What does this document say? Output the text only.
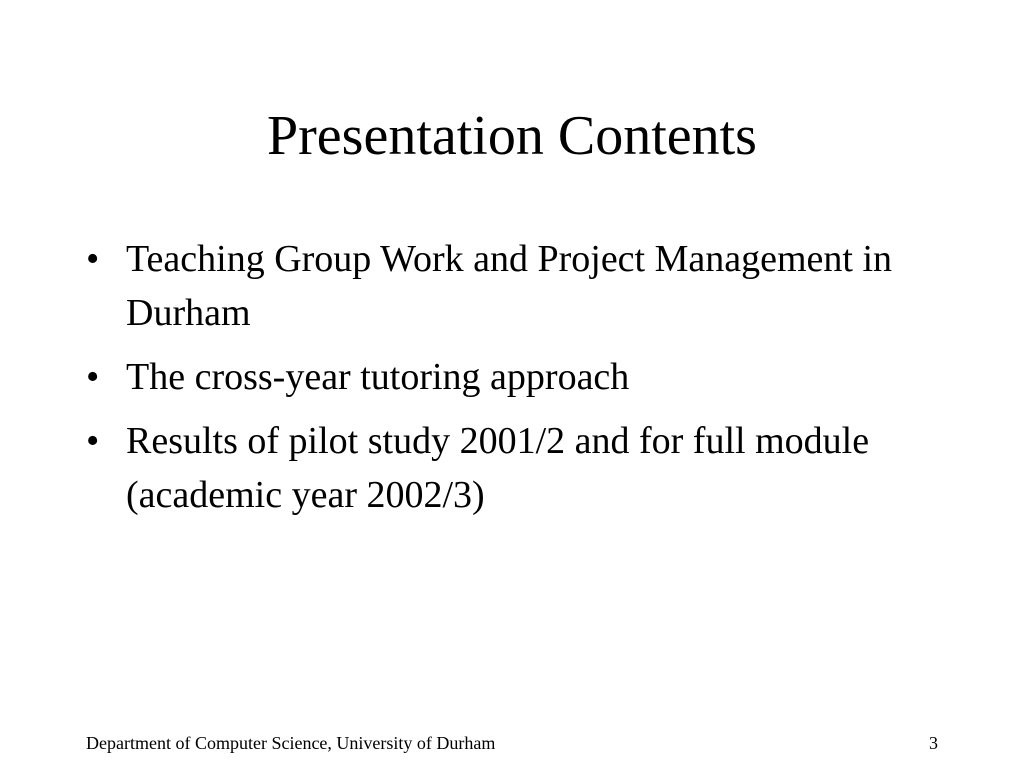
Presentation Contents
• Teaching Group Work and Project Management in Durham
• The cross-year tutoring approach
• Results of pilot study 2001/2 and for full module (academic year 2002/3)
Department of Computer Science, University of Durham	3
